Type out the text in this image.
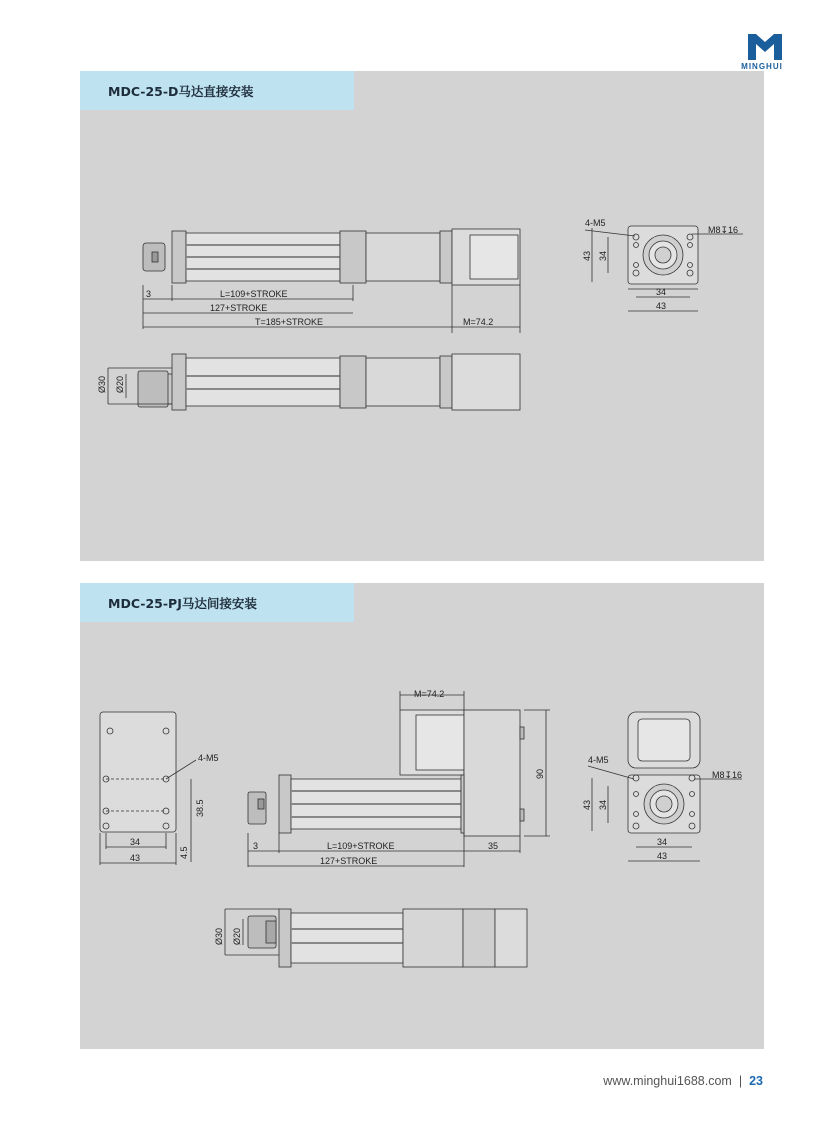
MINGHUI
MDC-25-D马达直接安装
3	L=109+STROKE
127+STROKE
T=185+STROKE	M=74.2
Ø30 Ø20
4-M5
M8↧16
43 34
34
43
MDC-25-PJ马达间接安装
4-M5
38.5
4.5
34
43
M=74.2
90
3	L=109+STROKE	35
127+STROKE
4-M5
M8↧16
43 34
34
43
Ø30 Ø20
www.minghui1688.com | 23
